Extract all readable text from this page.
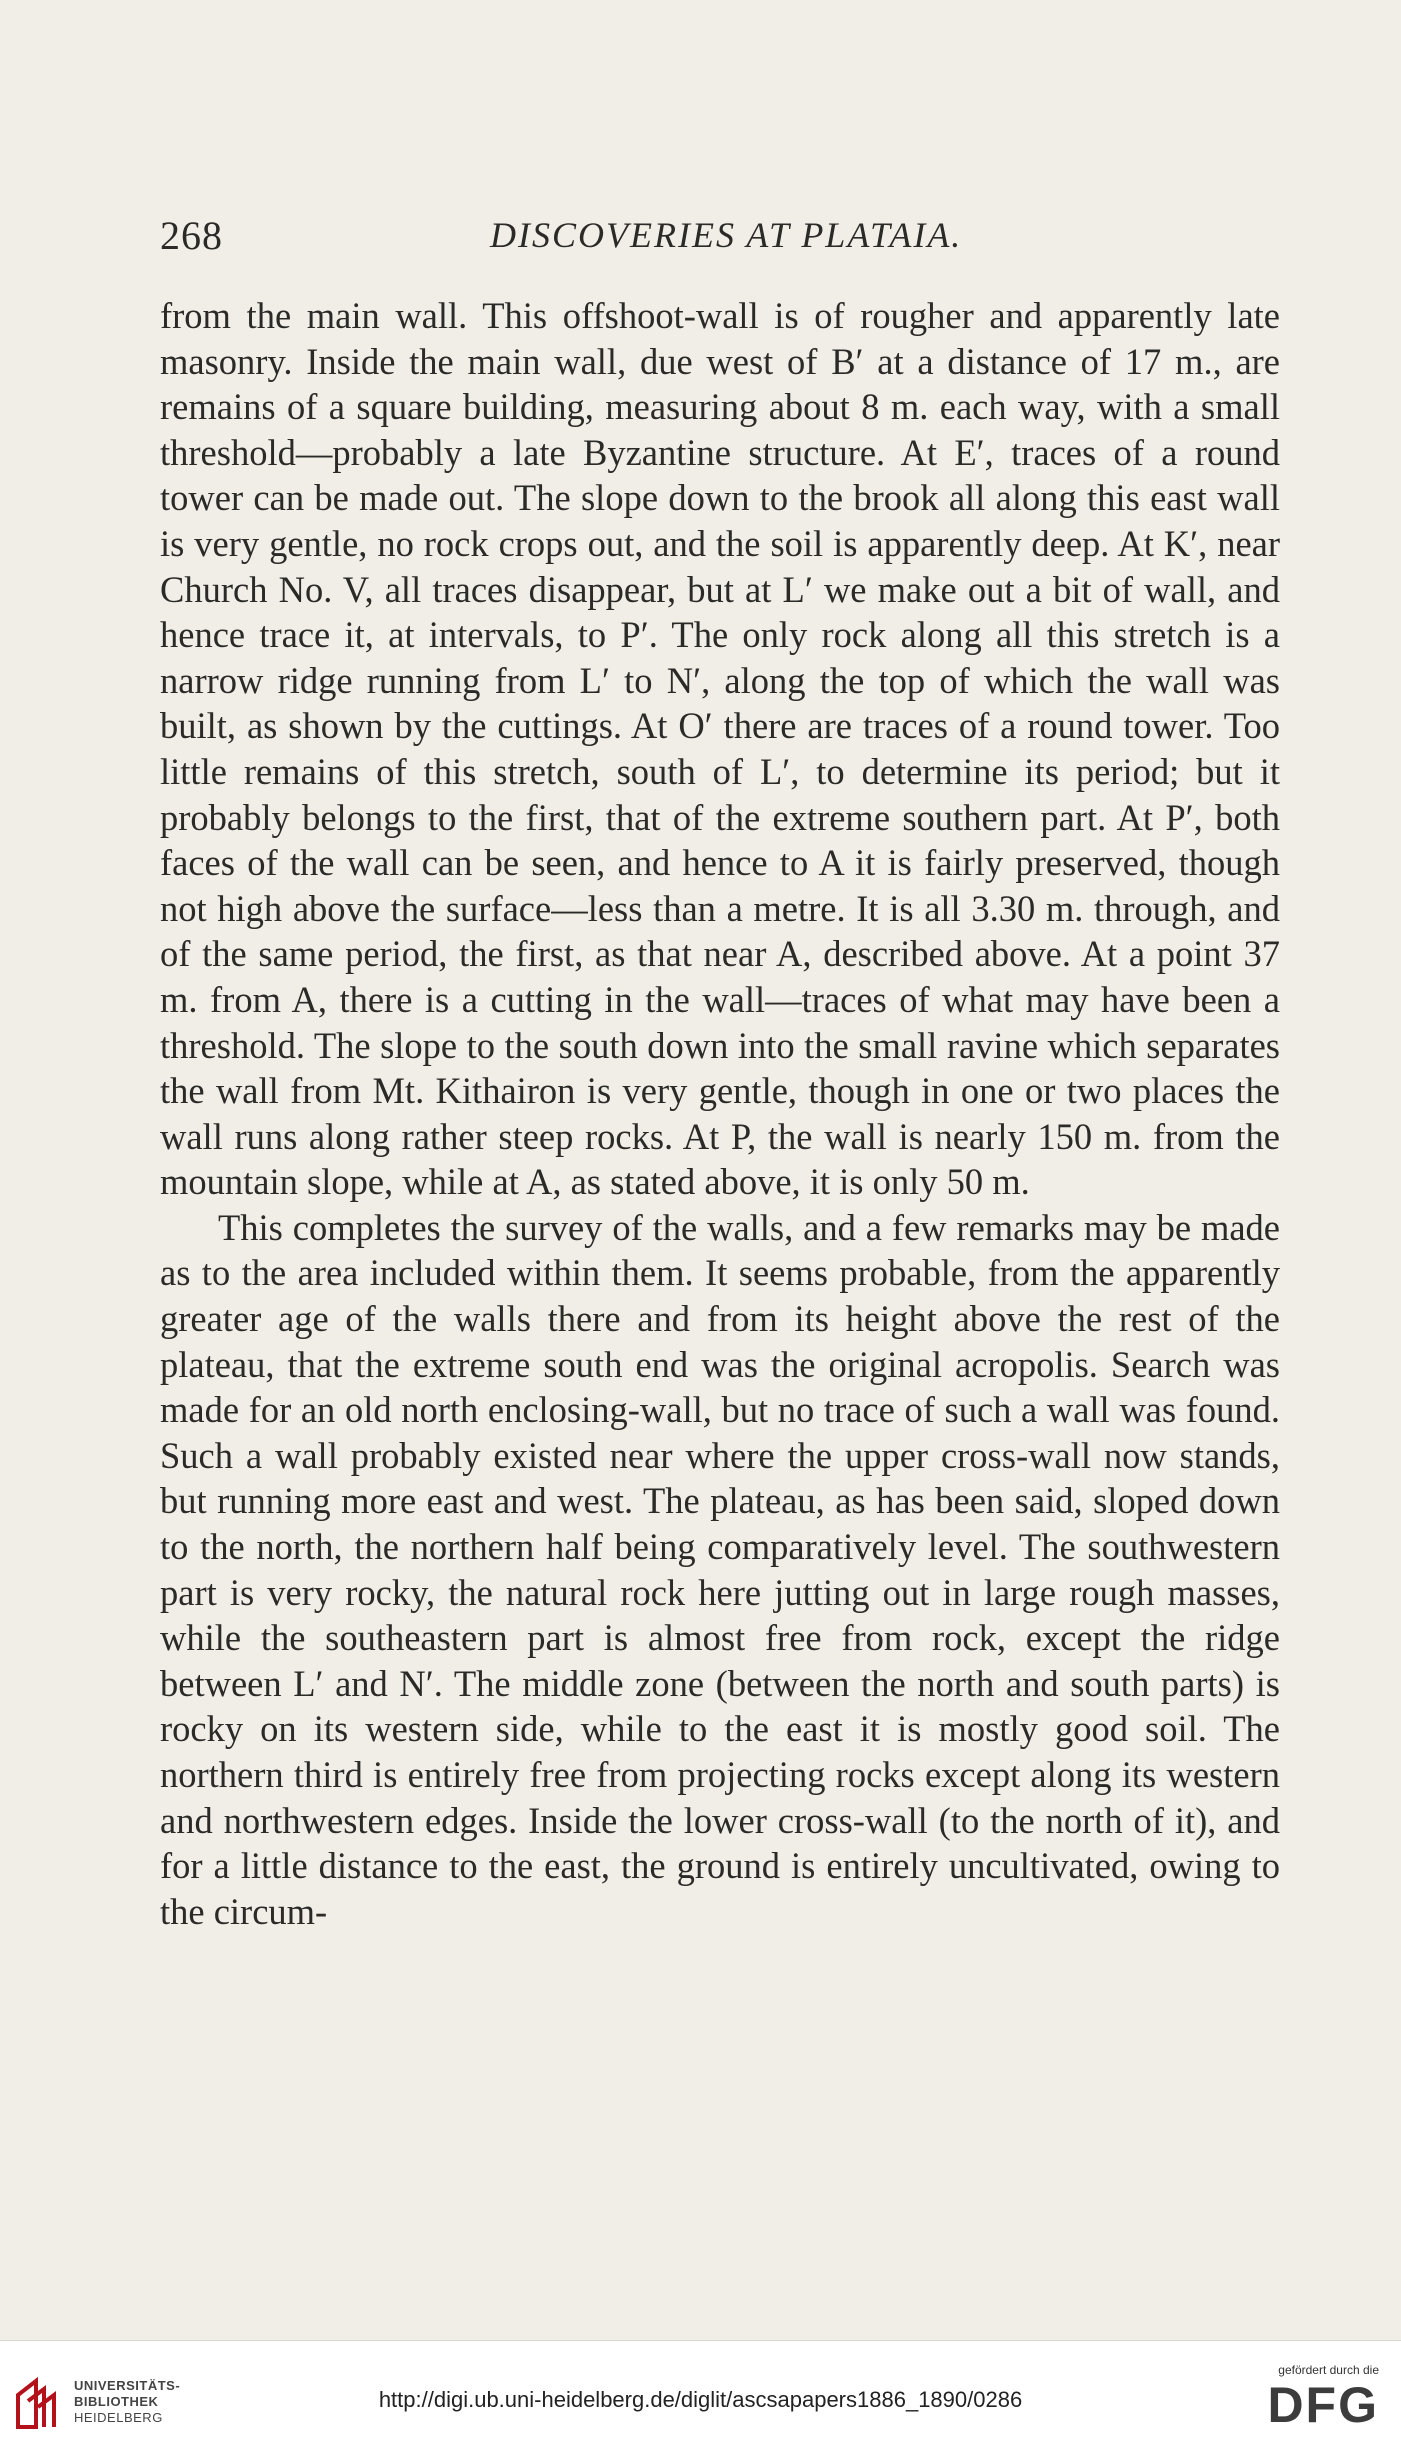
268	DISCOVERIES AT PLATAIA.

from the main wall. This offshoot-wall is of rougher and apparently late masonry. Inside the main wall, due west of B′ at a distance of 17 m., are remains of a square building, measuring about 8 m. each way, with a small threshold—probably a late Byzantine structure. At E′, traces of a round tower can be made out. The slope down to the brook all along this east wall is very gentle, no rock crops out, and the soil is apparently deep. At K′, near Church No. V, all traces disappear, but at L′ we make out a bit of wall, and hence trace it, at intervals, to P′. The only rock along all this stretch is a narrow ridge running from L′ to N′, along the top of which the wall was built, as shown by the cuttings. At O′ there are traces of a round tower. Too little remains of this stretch, south of L′, to determine its period; but it probably belongs to the first, that of the extreme southern part. At P′, both faces of the wall can be seen, and hence to A it is fairly preserved, though not high above the surface—less than a metre. It is all 3.30 m. through, and of the same period, the first, as that near A, described above. At a point 37 m. from A, there is a cutting in the wall—traces of what may have been a threshold. The slope to the south down into the small ravine which separates the wall from Mt. Kithairon is very gentle, though in one or two places the wall runs along rather steep rocks. At P, the wall is nearly 150 m. from the mountain slope, while at A, as stated above, it is only 50 m.

This completes the survey of the walls, and a few remarks may be made as to the area included within them. It seems probable, from the apparently greater age of the walls there and from its height above the rest of the plateau, that the extreme south end was the original acropolis. Search was made for an old north enclosing-wall, but no trace of such a wall was found. Such a wall probably existed near where the upper cross-wall now stands, but running more east and west. The plateau, as has been said, sloped down to the north, the northern half being comparatively level. The southwestern part is very rocky, the natural rock here jutting out in large rough masses, while the southeastern part is almost free from rock, except the ridge between L′ and N′. The middle zone (between the north and south parts) is rocky on its western side, while to the east it is mostly good soil. The northern third is entirely free from projecting rocks except along its western and northwestern edges. Inside the lower cross-wall (to the north of it), and for a little distance to the east, the ground is entirely uncultivated, owing to the circum-

UNIVERSITÄTS-
BIBLIOTHEK
HEIDELBERG
http://digi.ub.uni-heidelberg.de/diglit/ascsapapers1886_1890/0286
gefördert durch die
DFG
